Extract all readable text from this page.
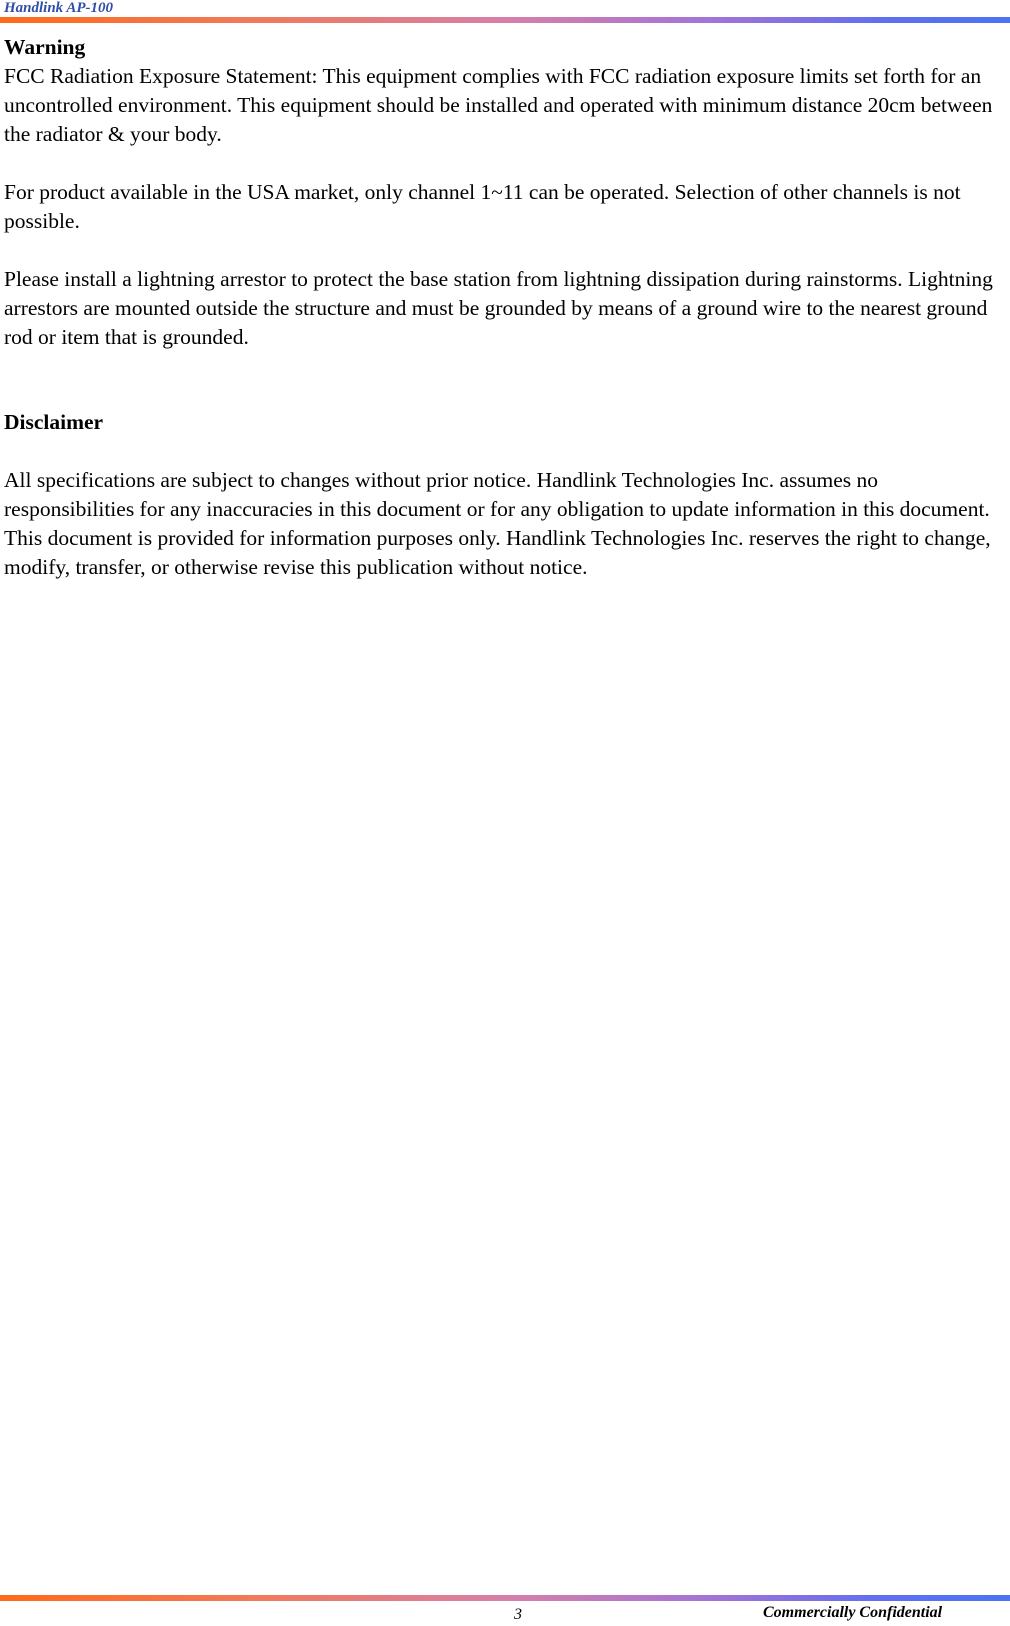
Handlink AP-100

Warning

FCC Radiation Exposure Statement: This equipment complies with FCC radiation exposure limits set forth for an uncontrolled environment. This equipment should be installed and operated with minimum distance 20cm between the radiator & your body.

For product available in the USA market, only channel 1~11 can be operated. Selection of other channels is not possible.

Please install a lightning arrestor to protect the base station from lightning dissipation during rainstorms. Lightning arrestors are mounted outside the structure and must be grounded by means of a ground wire to the nearest ground rod or item that is grounded.

Disclaimer

All specifications are subject to changes without prior notice. Handlink Technologies Inc. assumes no responsibilities for any inaccuracies in this document or for any obligation to update information in this document. This document is provided for information purposes only. Handlink Technologies Inc. reserves the right to change, modify, transfer, or otherwise revise this publication without notice.

3	Commercially Confidential
